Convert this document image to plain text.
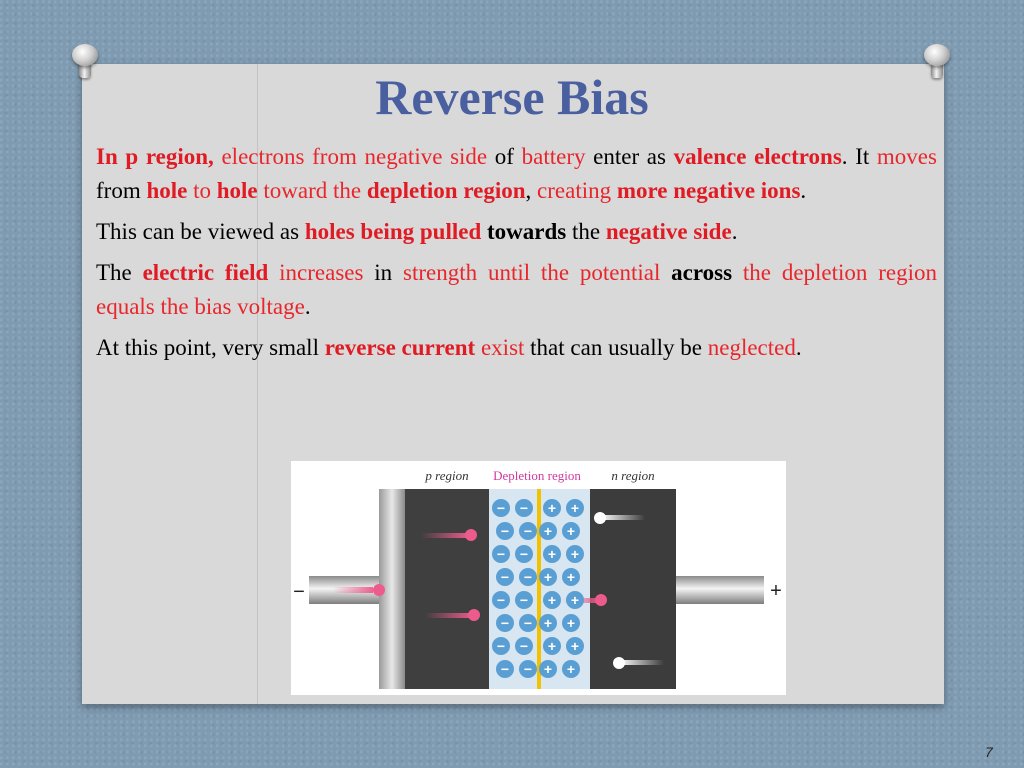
Reverse Bias

In p region, electrons from negative side of battery enter as valence electrons. It moves from hole to hole toward the depletion region, creating more negative ions.

This can be viewed as holes being pulled towards the negative side.

The electric field increases in strength until the potential across the depletion region equals the bias voltage.

At this point, very small reverse current exist that can usually be neglected.

p region Depletion region n region
−	+
− − + +
− − + +
− − + +
− − + +
− − + +
− − + +
− − + +
− − + +
7
